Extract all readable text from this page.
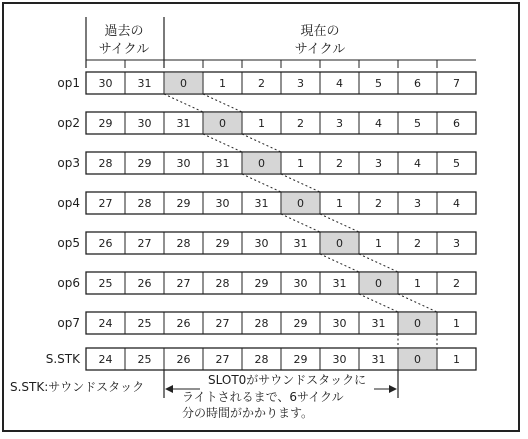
過去の
サイクル
現在の
サイクル
op1 30 31	0	1	2	3	4	5	6	7
op2 29 30 31	0	1	2	3	4	5	6
op3 28 29 30 31	0	1	2	3	4	5
op4 27 28 29 30 31	0	1	2	3	4
op5 26 27 28 29 30 31	0	1	2	3
op6 25 26 27 28 29 30 31	0	1	2
op7 24 25 26 27 28 29 30 31	0	1
S.STK 24 25 26 27 28 29 30 31	0	1
S.STK:サウンドスタック	SLOT0がサウンドスタックに
ライトされるまで、6サイクル
分の時間がかかります。
